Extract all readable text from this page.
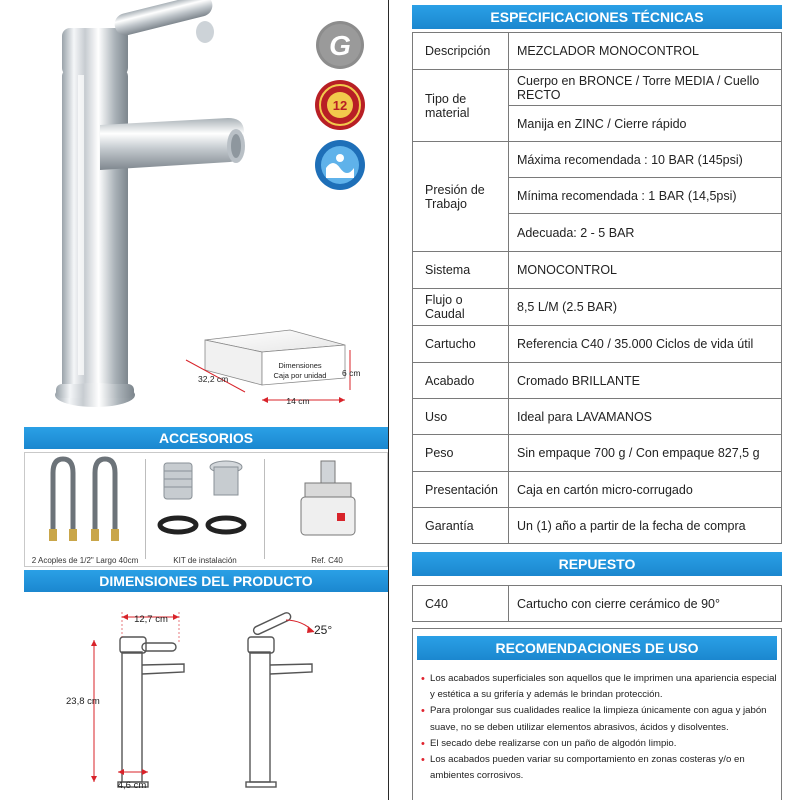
G
12
Dimensiones
Caja por unidad
32,2 cm
6 cm
14 cm
ACCESORIOS
2 Acoples de 1/2" Largo 40cm	KIT de instalación	Ref. C40
DIMENSIONES DEL PRODUCTO
12,7 cm
23,8 cm
4,6 cm
25°
ESPECIFICACIONES TÉCNICAS
Descripción	MEZCLADOR MONOCONTROL
Tipo de
material	Cuerpo en BRONCE / Torre MEDIA / Cuello RECTO
	Manija en ZINC / Cierre rápido
Presión de
Trabajo	Máxima recomendada : 10 BAR (145psi)
	Mínima recomendada : 1 BAR (14,5psi)
	Adecuada: 2 - 5 BAR
Sistema	MONOCONTROL
Flujo o Caudal	8,5 L/M (2.5 BAR)
Cartucho	Referencia C40 / 35.000 Ciclos de vida útil
Acabado	Cromado BRILLANTE
Uso	Ideal para LAVAMANOS
Peso	Sin empaque 700 g / Con empaque 827,5 g
Presentación	Caja en cartón micro-corrugado
Garantía	Un (1) año a partir de la fecha de compra
REPUESTO
C40	Cartucho con cierre cerámico de 90°
RECOMENDACIONES DE USO
• Los acabados superficiales son aquellos que le imprimen una apariencia especial y estética a su grifería y además le brindan protección.
• Para prolongar sus cualidades realice la limpieza únicamente con agua y jabón suave, no se deben utilizar elementos abrasivos, ácidos y disolventes.
• El secado debe realizarse con un paño de algodón limpio.
• Los acabados pueden variar su comportamiento en zonas costeras y/o en ambientes corrosivos.
